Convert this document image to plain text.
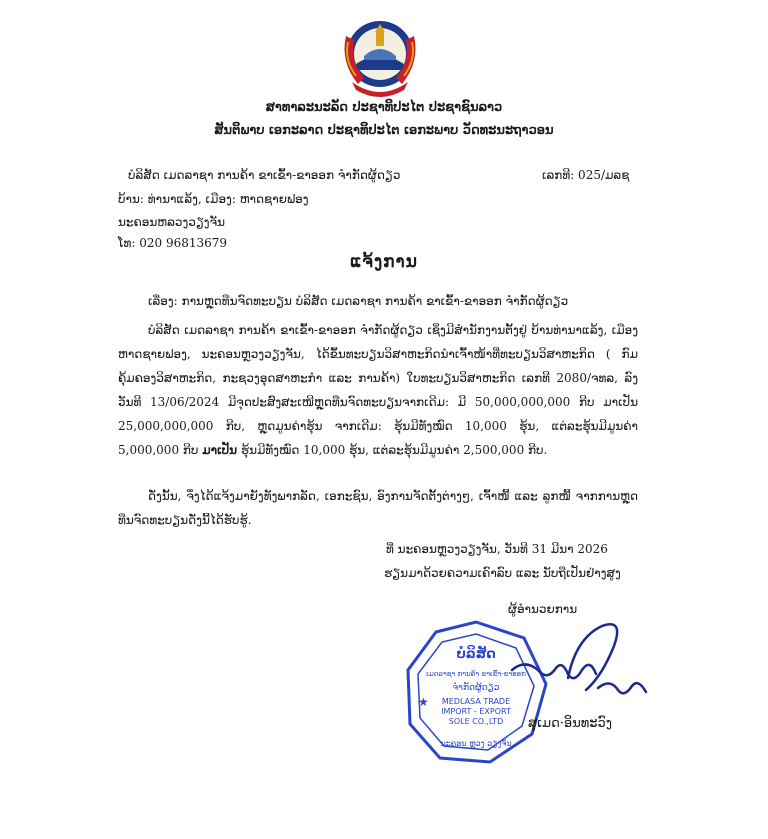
ສາທາລະນະລັດ ປະຊາທິປະໄຕ ປະຊາຊົນລາວ
ສັນຕິພາບ ເອກະລາດ ປະຊາທິປະໄຕ ເອກະພາບ ວັດທະນະຖາວອນ
ບໍລິສັດ ເມດລາຊາ ການຄ້າ ຂາເຂົ້າ-ຂາອອກ ຈໍາກັດຜູ້ດຽວ	ເລກທີ: 025/ມລຊ
ບ້ານ: ທ່ານາແລ້ງ, ເມືອງ: ຫາດຊາຍຟອງ
ນະຄອນຫລວງວຽງຈັນ
ໂທ: 020 96813679
ແຈ້ງການ
ເລື່ອງ: ການຫຼຸດທືນຈົດທະບຽນ ບໍລິສັດ ເມດລາຊາ ການຄ້າ ຂາເຂົ້າ-ຂາອອກ ຈໍາກັດຜູ້ດຽວ
ບໍລິສັດ ເມດລາຊາ ການຄ້າ ຂາເຂົ້າ-ຂາອອກ ຈໍາກັດຜູ້ດຽວ ເຊິ່ງມີສໍານັກງານຕັ້ງຢູ່ ບ້ານທ່ານາແລ້ງ, ເມືອງ ຫາດຊາຍຟອງ, ນະຄອນຫຼວງວຽງຈັນ, ໄດ້ຂຶ້ນທະບຽນວິສາຫະກິດນໍາເຈົ້າໜ້າທີ່ທະບຽນວິສາຫະກິດ ( ກົມຄຸ້ມຄອງວິສາຫະກິດ, ກະຊວງອຸດສາຫະກໍາ ແລະ ການຄ້າ) ໃບທະບຽນວິສາຫະກິດ ເລກທີ 2080/ຈທລ, ລົງວັນທີ 13/06/2024 ມີຈຸດປະສົງສະເໜີຫຼຸດທືນຈົດທະບຽນຈາກເດີມ: ມີ 50,000,000,000 ກີບ ມາເປັນ 25,000,000,000 ກີບ, ຫຼຸດມູນຄ່າຮຸ້ນ ຈາກເດີມ: ຮຸ້ນມີທັງໝົດ 10,000 ຮຸ້ນ, ແຕ່ລະຮຸ້ນມີມູນຄ່າ 5,000,000 ກີບ ມາເປັນ ຮຸ້ນມີທັງໝົດ 10,000 ຮຸ້ນ, ແຕ່ລະຮຸ້ນມີມູນຄ່າ 2,500,000 ກີບ.
ດັ່ງນັ້ນ, ຈຶ່ງໄດ້ແຈ້ງມາຍັງທັງພາກລັດ, ເອກະຊົນ, ອົງການຈັດຕັ້ງຕ່າງໆ, ເຈົ້າໜີ້ ແລະ ລູກໜີ້ ຈາກການຫຼຸດທືນຈົດທະບຽນດັ່ງນີ້ໄດ້ຮັບຮູ້.
ທີ່ ນະຄອນຫຼວງວຽງຈັນ, ວັນທີ 31 ມີນາ 2026
ຮຽນມາດ້ວຍຄວາມເຄົາລົບ ແລະ ນັບຖືເປັນຢ່າງສູງ
ຜູ້ອໍານວຍການ
ບໍລິສັດ
ເມດລາຊາ ການຄ້າ ຂາເຂົ້າ-ຂາອອກ
ຈໍາກັດຜູ້ດຽວ
MEDLASA TRADE
IMPORT - EXPORT
SOLE CO.,LTD
ນະຄອນ ຫຼວງ ວຽງຈັນ
★
ສຸເມດ·ອິນທະວົງ
